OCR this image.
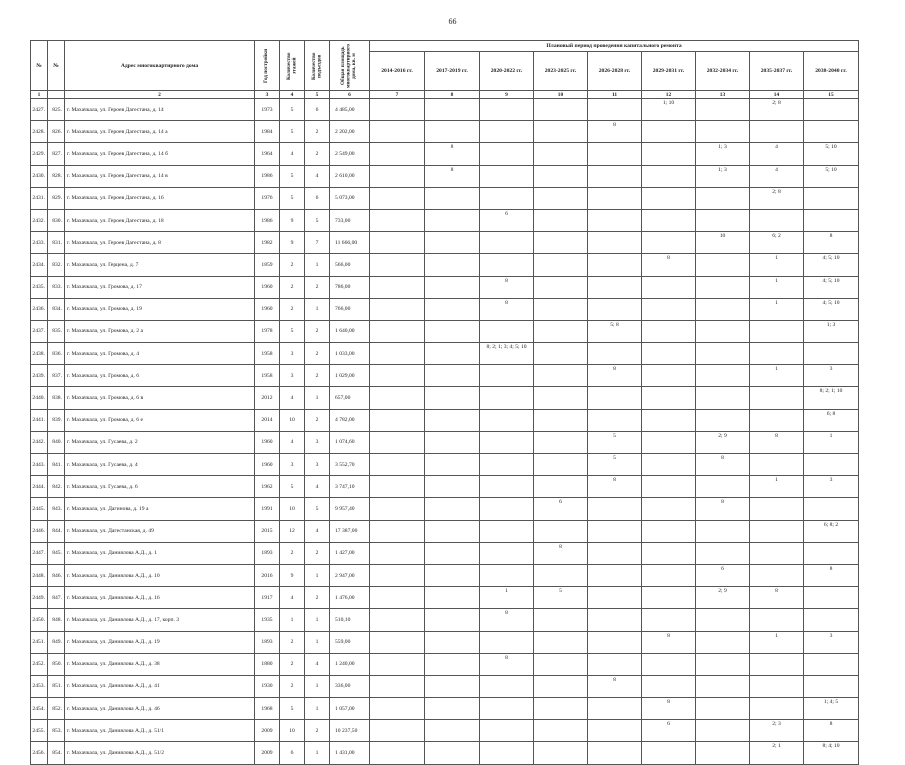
66
№	№	Адрес многоквартирного дома	Год постройки	Количество этажей	Количество подъездов	Общая площадь многоквартирного дома, кв. м	Плановый период проведения капитального ремонта								
							2014-2016 гг.	2017-2019 гг.	2020-2022 гг.	2023-2025 гг.	2026-2028 гг.	2029-2031 гг.	2032-2034 гг.	2035-2037 гг.	2038-2040 гг.
1		2	3	4	5	6	7	8	9	10	11	12	13	14	15
2427.	825.	г. Махачкала, ул. Героев Дагестана, д. 14	1973	5	6	4 485,00						1; 10		2; 8	
2428.	826.	г. Махачкала, ул. Героев Дагестана, д. 14 а	1984	5	2	2 202,00					8				
2429.	827.	г. Махачкала, ул. Героев Дагестана, д. 14 б	1964	4	2	2 549,00		8					1; 3	4	5; 10
2430.	828.	г. Махачкала, ул. Героев Дагестана, д. 14 в	1986	5	4	2 610,00		8					1; 3	4	5; 10
2431.	829.	г. Махачкала, ул. Героев Дагестана, д. 16	1976	5	6	5 073,00								2; 8	
2432.	830.	г. Махачкала, ул. Героев Дагестана, д. 18	1986	9	5	733,00			6						
2433.	831.	г. Махачкала, ул. Героев Дагестана, д. 8	1982	9	7	11 666,00							10	6; 2	8
2434.	832.	г. Махачкала, ул. Герцена, д. 7	1859	2	1	566,00						8		1	4; 5; 10
2435.	833.	г. Махачкала, ул. Громова, д. 17	1960	2	2	786,00			8					1	4; 5; 10
2436.	834.	г. Махачкала, ул. Громова, д. 19	1960	2	1	766,00			8					1	4; 5; 10
2437.	835.	г. Махачкала, ул. Громова, д. 2 а	1978	5	2	1 640,00					5; 8				1; 3
2438.	836.	г. Махачкала, ул. Громова, д. 4	1958	3	2	1 033,00			8; 2; 1; 3; 4; 5; 10						
2439.	837.	г. Махачкала, ул. Громова, д. 6	1958	3	2	1 029,00					8			1	3
2440.	838.	г. Махачкала, ул. Громова, д. 6 в	2012	4	1	657,00									8; 2; 1; 10
2441.	839.	г. Махачкала, ул. Громова, д. 6 е	2014	10	2	4 782,00									6; 8
2442.	840.	г. Махачкала, ул. Гусаева, д. 2	1960	4	3	1 074,60					5		2; 9	8	1
2443.	841.	г. Махачкала, ул. Гусаева, д. 4	1960	3	3	3 552,70					5		8		
2444.	842.	г. Махачкала, ул. Гусаева, д. 6	1962	5	4	3 747,10					8			1	3
2445.	843.	г. Махачкала, ул. Дагинова, д. 19 а	1991	10	5	9 957,40				6			8		
2446.	844.	г. Махачкала, ул. Дагестанская, д. 49	2015	12	4	17 387,00									6; 8; 2
2447.	845.	г. Махачкала, ул. Даниялова А.Д., д. 1	1893	2	2	1 427,00				8					
2448.	846.	г. Махачкала, ул. Даниялова А.Д., д. 10	2016	9	1	2 947,00							6		8
2449.	847.	г. Махачкала, ул. Даниялова А.Д., д. 16	1917	4	2	1 476,00			1	5			2; 9	8	
2450.	848.	г. Махачкала, ул. Даниялова А.Д., д. 17, корп. 3	1935	1	1	510,10			8						
2451.	849.	г. Махачкала, ул. Даниялова А.Д., д. 19	1893	2	1	559,00						8		1	3
2452.	850.	г. Махачкала, ул. Даниялова А.Д., д. 38	1880	2	4	1 240,00			8						
2453.	851.	г. Махачкала, ул. Даниялова А.Д., д. 41	1930	2	1	336,00					8				
2454.	852.	г. Махачкала, ул. Даниялова А.Д., д. 46	1968	5	1	1 057,00						8			1; 4; 5
2455.	853.	г. Махачкала, ул. Даниялова А.Д., д. 51/1	2009	10	2	10 237,50						6		2; 3	8
2456.	854.	г. Махачкала, ул. Даниялова А.Д., д. 51/2	2009	6	1	1 431,00								2; 1	8; 4; 10
